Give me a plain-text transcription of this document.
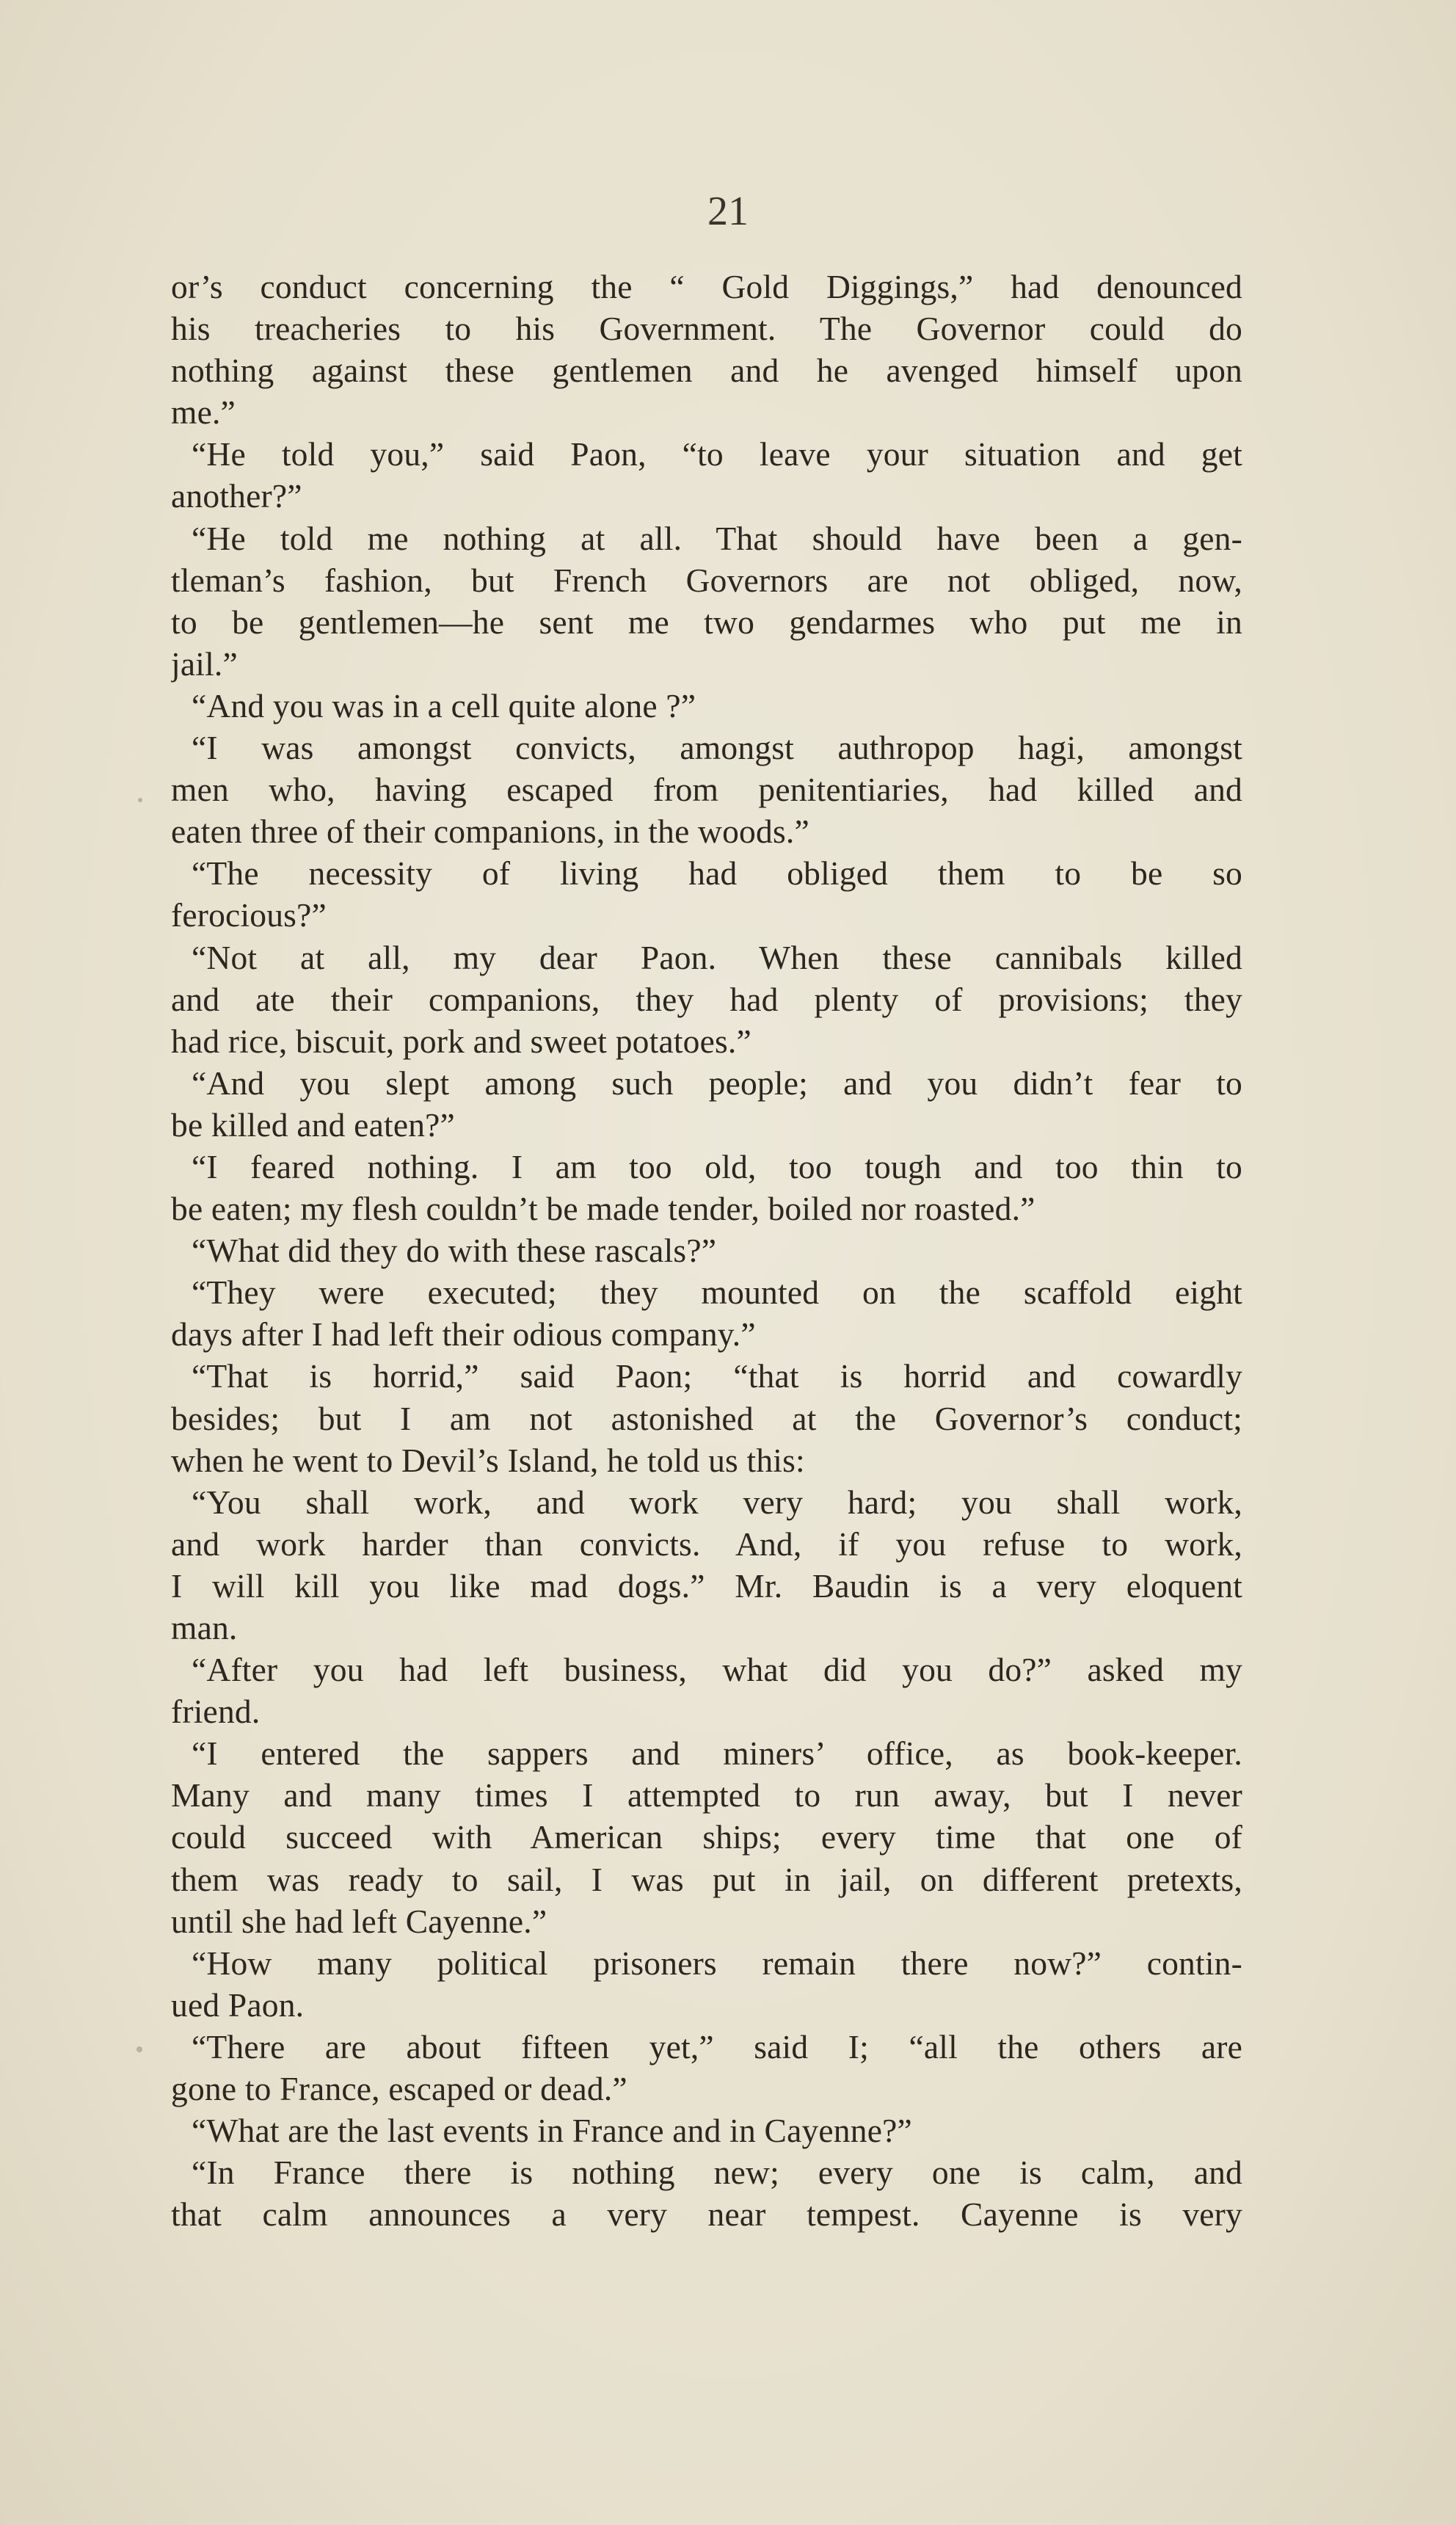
21
or’s conduct concerning the “ Gold Diggings,” had denounced
his treacheries to his Government. The Governor could do
nothing against these gentlemen and he avenged himself upon
me.”
“He told you,” said Paon, “to leave your situation and get
another?”
“He told me nothing at all. That should have been a gen-
tleman’s fashion, but French Governors are not obliged, now,
to be gentlemen—he sent me two gendarmes who put me in
jail.”
“And you was in a cell quite alone ?”
“I was amongst convicts, amongst authropop hagi, amongst
men who, having escaped from penitentiaries, had killed and
eaten three of their companions, in the woods.”
“The necessity of living had obliged them to be so
ferocious?”
“Not at all, my dear Paon. When these cannibals killed
and ate their companions, they had plenty of provisions; they
had rice, biscuit, pork and sweet potatoes.”
“And you slept among such people; and you didn’t fear to
be killed and eaten?”
“I feared nothing. I am too old, too tough and too thin to
be eaten; my flesh couldn’t be made tender, boiled nor roasted.”
“What did they do with these rascals?”
“They were executed; they mounted on the scaffold eight
days after I had left their odious company.”
“That is horrid,” said Paon; “that is horrid and cowardly
besides; but I am not astonished at the Governor’s conduct;
when he went to Devil’s Island, he told us this:
“You shall work, and work very hard; you shall work,
and work harder than convicts. And, if you refuse to work,
I will kill you like mad dogs.” Mr. Baudin is a very eloquent
man.
“After you had left business, what did you do?” asked my
friend.
“I entered the sappers and miners’ office, as book-keeper.
Many and many times I attempted to run away, but I never
could succeed with American ships; every time that one of
them was ready to sail, I was put in jail, on different pretexts,
until she had left Cayenne.”
“How many political prisoners remain there now?” contin-
ued Paon.
“There are about fifteen yet,” said I; “all the others are
gone to France, escaped or dead.”
“What are the last events in France and in Cayenne?”
“In France there is nothing new; every one is calm, and
that calm announces a very near tempest. Cayenne is very
